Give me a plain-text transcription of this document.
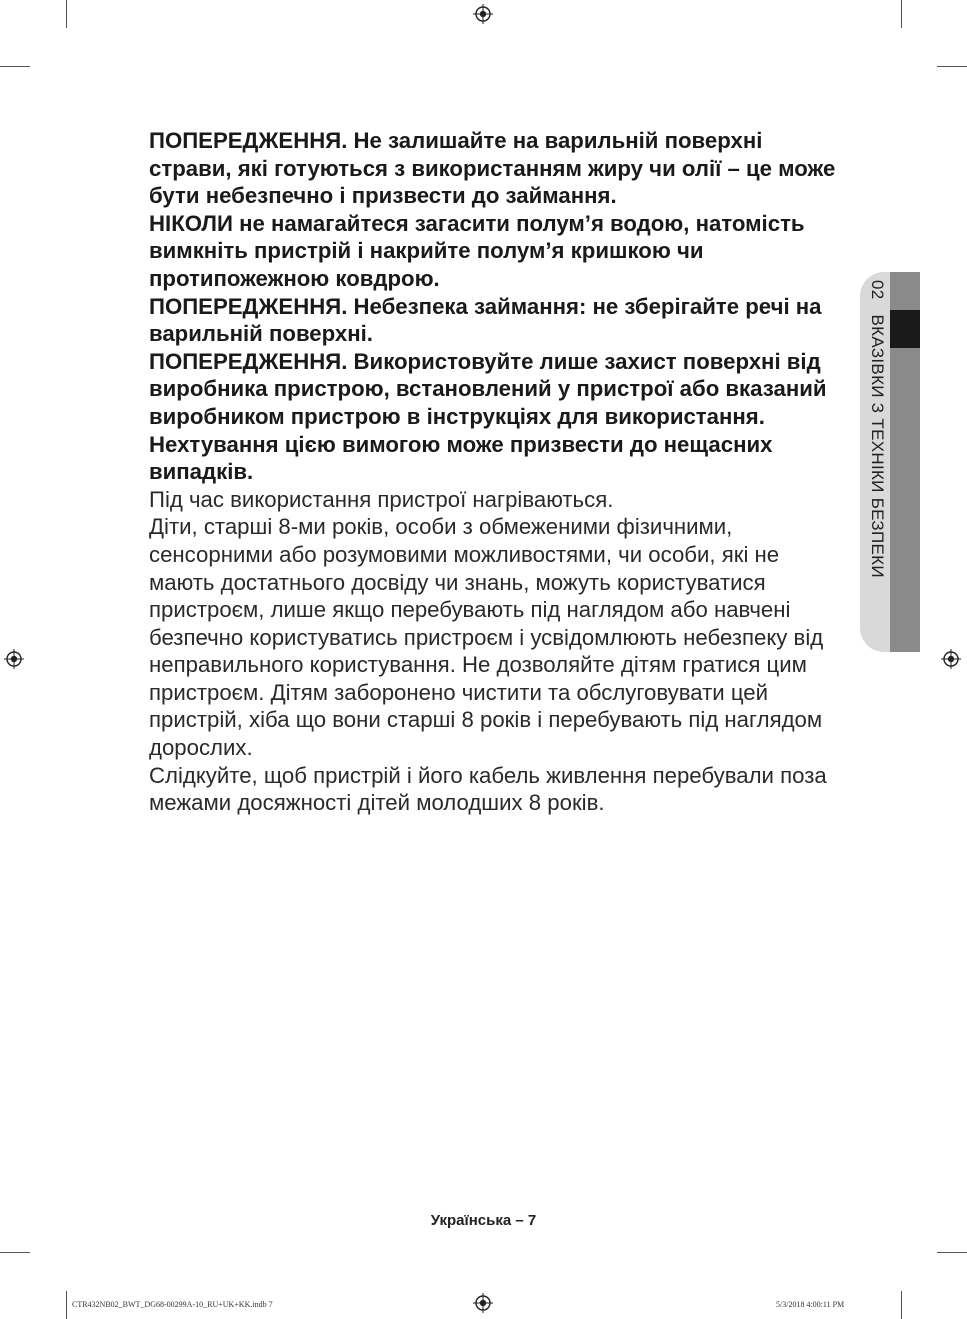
ПОПЕРЕДЖЕННЯ. Не залишайте на варильній поверхні страви, які готуються з використанням жиру чи олії – це може бути небезпечно і призвести до займання.

НІКОЛИ не намагайтеся загасити полум’я водою, натомість вимкніть пристрій і накрийте полум’я кришкою чи протипожежною ковдрою.

ПОПЕРЕДЖЕННЯ. Небезпека займання: не зберігайте речі на варильній поверхні.

ПОПЕРЕДЖЕННЯ. Використовуйте лише захист поверхні від виробника пристрою, встановлений у пристрої або вказаний виробником пристрою в інструкціях для використання. Нехтування цією вимогою може призвести до нещасних випадків.

Під час використання пристрої нагріваються.

Діти, старші 8-ми років, особи з обмеженими фізичними, сенсорними або розумовими можливостями, чи особи, які не мають достатнього досвіду чи знань, можуть користуватися пристроєм, лише якщо перебувають під наглядом або навчені безпечно користуватись пристроєм і усвідомлюють небезпеку від неправильного користування. Не дозволяйте дітям гратися цим пристроєм. Дітям заборонено чистити та обслуговувати цей пристрій, хіба що вони старші 8 років і перебувають під наглядом дорослих.

Слідкуйте, щоб пристрій і його кабель живлення перебували поза межами досяжності дітей молодших 8 років.

02 ВКАЗІВКИ З ТЕХНІКИ БЕЗПЕКИ
Українська – 7
CTR432NB02_BWT_DG68-00299A-10_RU+UK+KK.indb 7	5/3/2018 4:00:11 PM
